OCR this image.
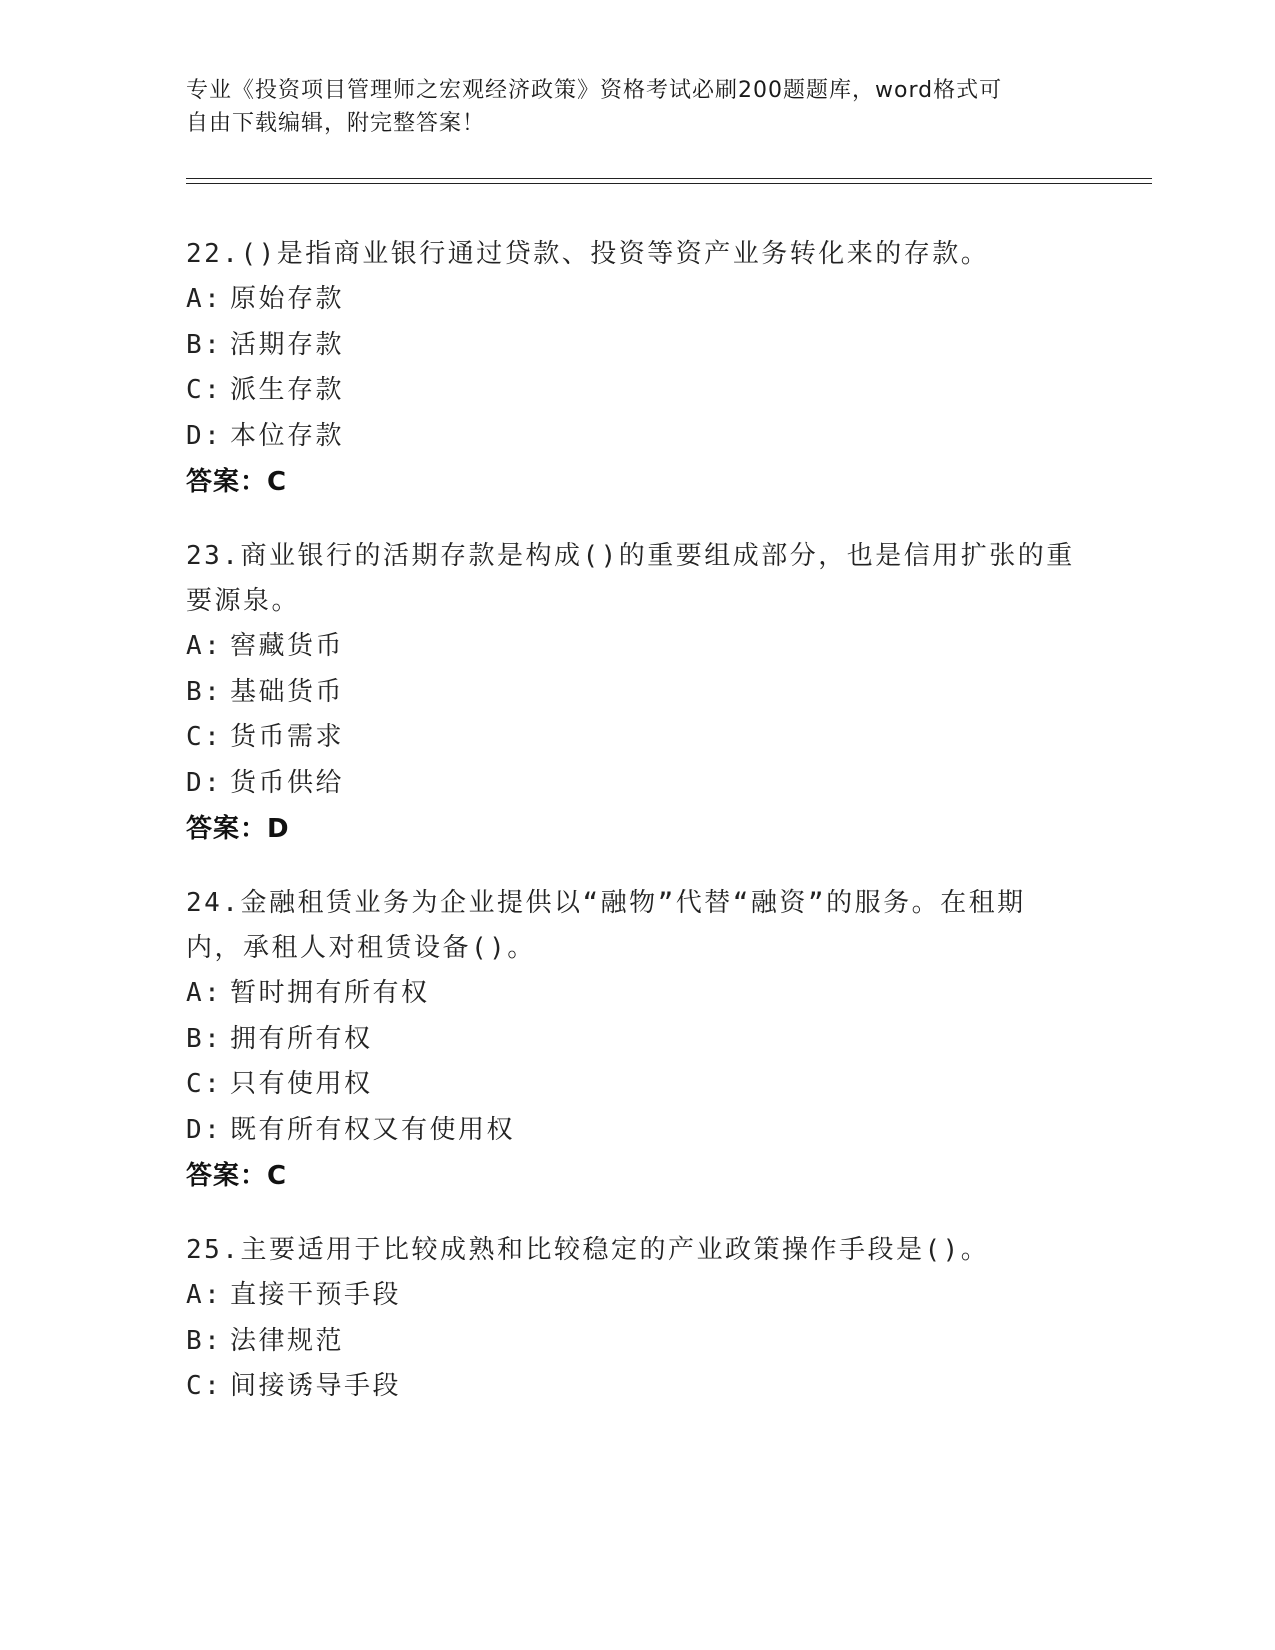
专业《投资项目管理师之宏观经济政策》资格考试必刷200题题库，word格式可
自由下载编辑，附完整答案！
22.()是指商业银行通过贷款、投资等资产业务转化来的存款。
A: 原始存款
B: 活期存款
C: 派生存款
D: 本位存款
答案：C
23.商业银行的活期存款是构成()的重要组成部分，也是信用扩张的重
要源泉。
A: 窖藏货币
B: 基础货币
C: 货币需求
D: 货币供给
答案：D
24.金融租赁业务为企业提供以“融物”代替“融资”的服务。在租期
内，承租人对租赁设备()。
A: 暂时拥有所有权
B: 拥有所有权
C: 只有使用权
D: 既有所有权又有使用权
答案：C
25.主要适用于比较成熟和比较稳定的产业政策操作手段是()。
A: 直接干预手段
B: 法律规范
C: 间接诱导手段
